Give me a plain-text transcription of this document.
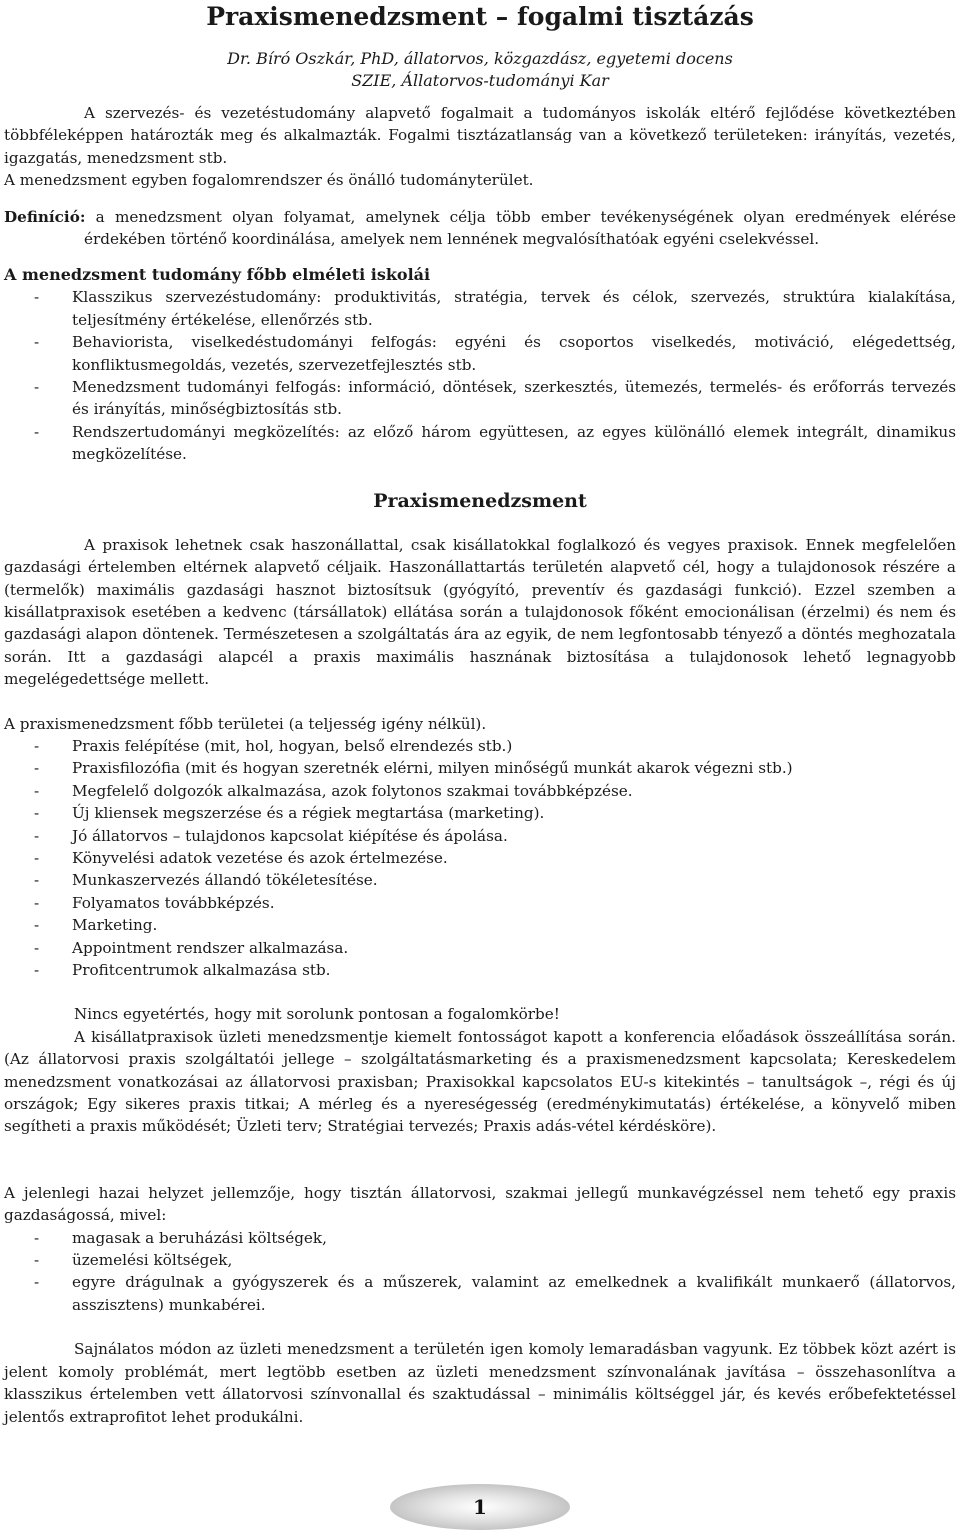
Praxismenedzsment – fogalmi tisztázás
Dr. Bíró Oszkár, PhD, állatorvos, közgazdász, egyetemi docens
SZIE, Állatorvos-tudományi Kar

A szervezés- és vezetéstudomány alapvető fogalmait a tudományos iskolák eltérő fejlődése következtében többféleképpen határozták meg és alkalmazták. Fogalmi tisztázatlanság van a következő területeken: irányítás, vezetés, igazgatás, menedzsment stb.

A menedzsment egyben fogalomrendszer és önálló tudományterület.

Definíció: a menedzsment olyan folyamat, amelynek célja több ember tevékenységének olyan eredmények elérése érdekében történő koordinálása, amelyek nem lennének megvalósíthatóak egyéni cselekvéssel.

A menedzsment tudomány főbb elméleti iskolái

- Klasszikus szervezéstudomány: produktivitás, stratégia, tervek és célok, szervezés, struktúra kialakítása, teljesítmény értékelése, ellenőrzés stb.
- Behaviorista, viselkedéstudományi felfogás: egyéni és csoportos viselkedés, motiváció, elégedettség, konfliktusmegoldás, vezetés, szervezetfejlesztés stb.
- Menedzsment tudományi felfogás: információ, döntések, szerkesztés, ütemezés, termelés- és erőforrás tervezés és irányítás, minőségbiztosítás stb.
- Rendszertudományi megközelítés: az előző három együttesen, az egyes különálló elemek integrált, dinamikus megközelítése.

Praxismenedzsment

A praxisok lehetnek csak haszonállattal, csak kisállatokkal foglalkozó és vegyes praxisok. Ennek megfelelően gazdasági értelemben eltérnek alapvető céljaik. Haszonállattartás területén alapvető cél, hogy a tulajdonosok részére a (termelők) maximális gazdasági hasznot biztosítsuk (gyógyító, preventív és gazdasági funkció). Ezzel szemben a kisállatpraxisok esetében a kedvenc (társállatok) ellátása során a tulajdonosok főként emocionálisan (érzelmi) és nem és gazdasági alapon döntenek. Természetesen a szolgáltatás ára az egyik, de nem legfontosabb tényező a döntés meghozatala során. Itt a gazdasági alapcél a praxis maximális hasznának biztosítása a tulajdonosok lehető legnagyobb megelégedettsége mellett.

A praxismenedzsment főbb területei (a teljesség igény nélkül).

- Praxis felépítése (mit, hol, hogyan, belső elrendezés stb.)
- Praxisfilozófia (mit és hogyan szeretnék elérni, milyen minőségű munkát akarok végezni stb.)
- Megfelelő dolgozók alkalmazása, azok folytonos szakmai továbbképzése.
- Új kliensek megszerzése és a régiek megtartása (marketing).
- Jó állatorvos – tulajdonos kapcsolat kiépítése és ápolása.
- Könyvelési adatok vezetése és azok értelmezése.
- Munkaszervezés állandó tökéletesítése.
- Folyamatos továbbképzés.
- Marketing.
- Appointment rendszer alkalmazása.
- Profitcentrumok alkalmazása stb.

Nincs egyetértés, hogy mit sorolunk pontosan a fogalomkörbe!

A kisállatpraxisok üzleti menedzsmentje kiemelt fontosságot kapott a konferencia előadások összeállítása során. (Az állatorvosi praxis szolgáltatói jellege – szolgáltatásmarketing és a praxismenedzsment kapcsolata; Kereskedelem menedzsment vonatkozásai az állatorvosi praxisban; Praxisokkal kapcsolatos EU-s kitekintés – tanultságok –, régi és új országok; Egy sikeres praxis titkai; A mérleg és a nyereségesség (eredménykimutatás) értékelése, a könyvelő miben segítheti a praxis működését; Üzleti terv; Stratégiai tervezés; Praxis adás-vétel kérdésköre).

A jelenlegi hazai helyzet jellemzője, hogy tisztán állatorvosi, szakmai jellegű munkavégzéssel nem tehető egy praxis gazdaságossá, mivel:

- magasak a beruházási költségek,
- üzemelési költségek,
- egyre drágulnak a gyógyszerek és a műszerek, valamint az emelkednek a kvalifikált munkaerő (állatorvos, asszisztens) munkabérei.

Sajnálatos módon az üzleti menedzsment a területén igen komoly lemaradásban vagyunk. Ez többek közt azért is jelent komoly problémát, mert legtöbb esetben az üzleti menedzsment színvonalának javítása – összehasonlítva a klasszikus értelemben vett állatorvosi színvonallal és szaktudással – minimális költséggel jár, és kevés erőbefektetéssel jelentős extraprofitot lehet produkálni.

1
